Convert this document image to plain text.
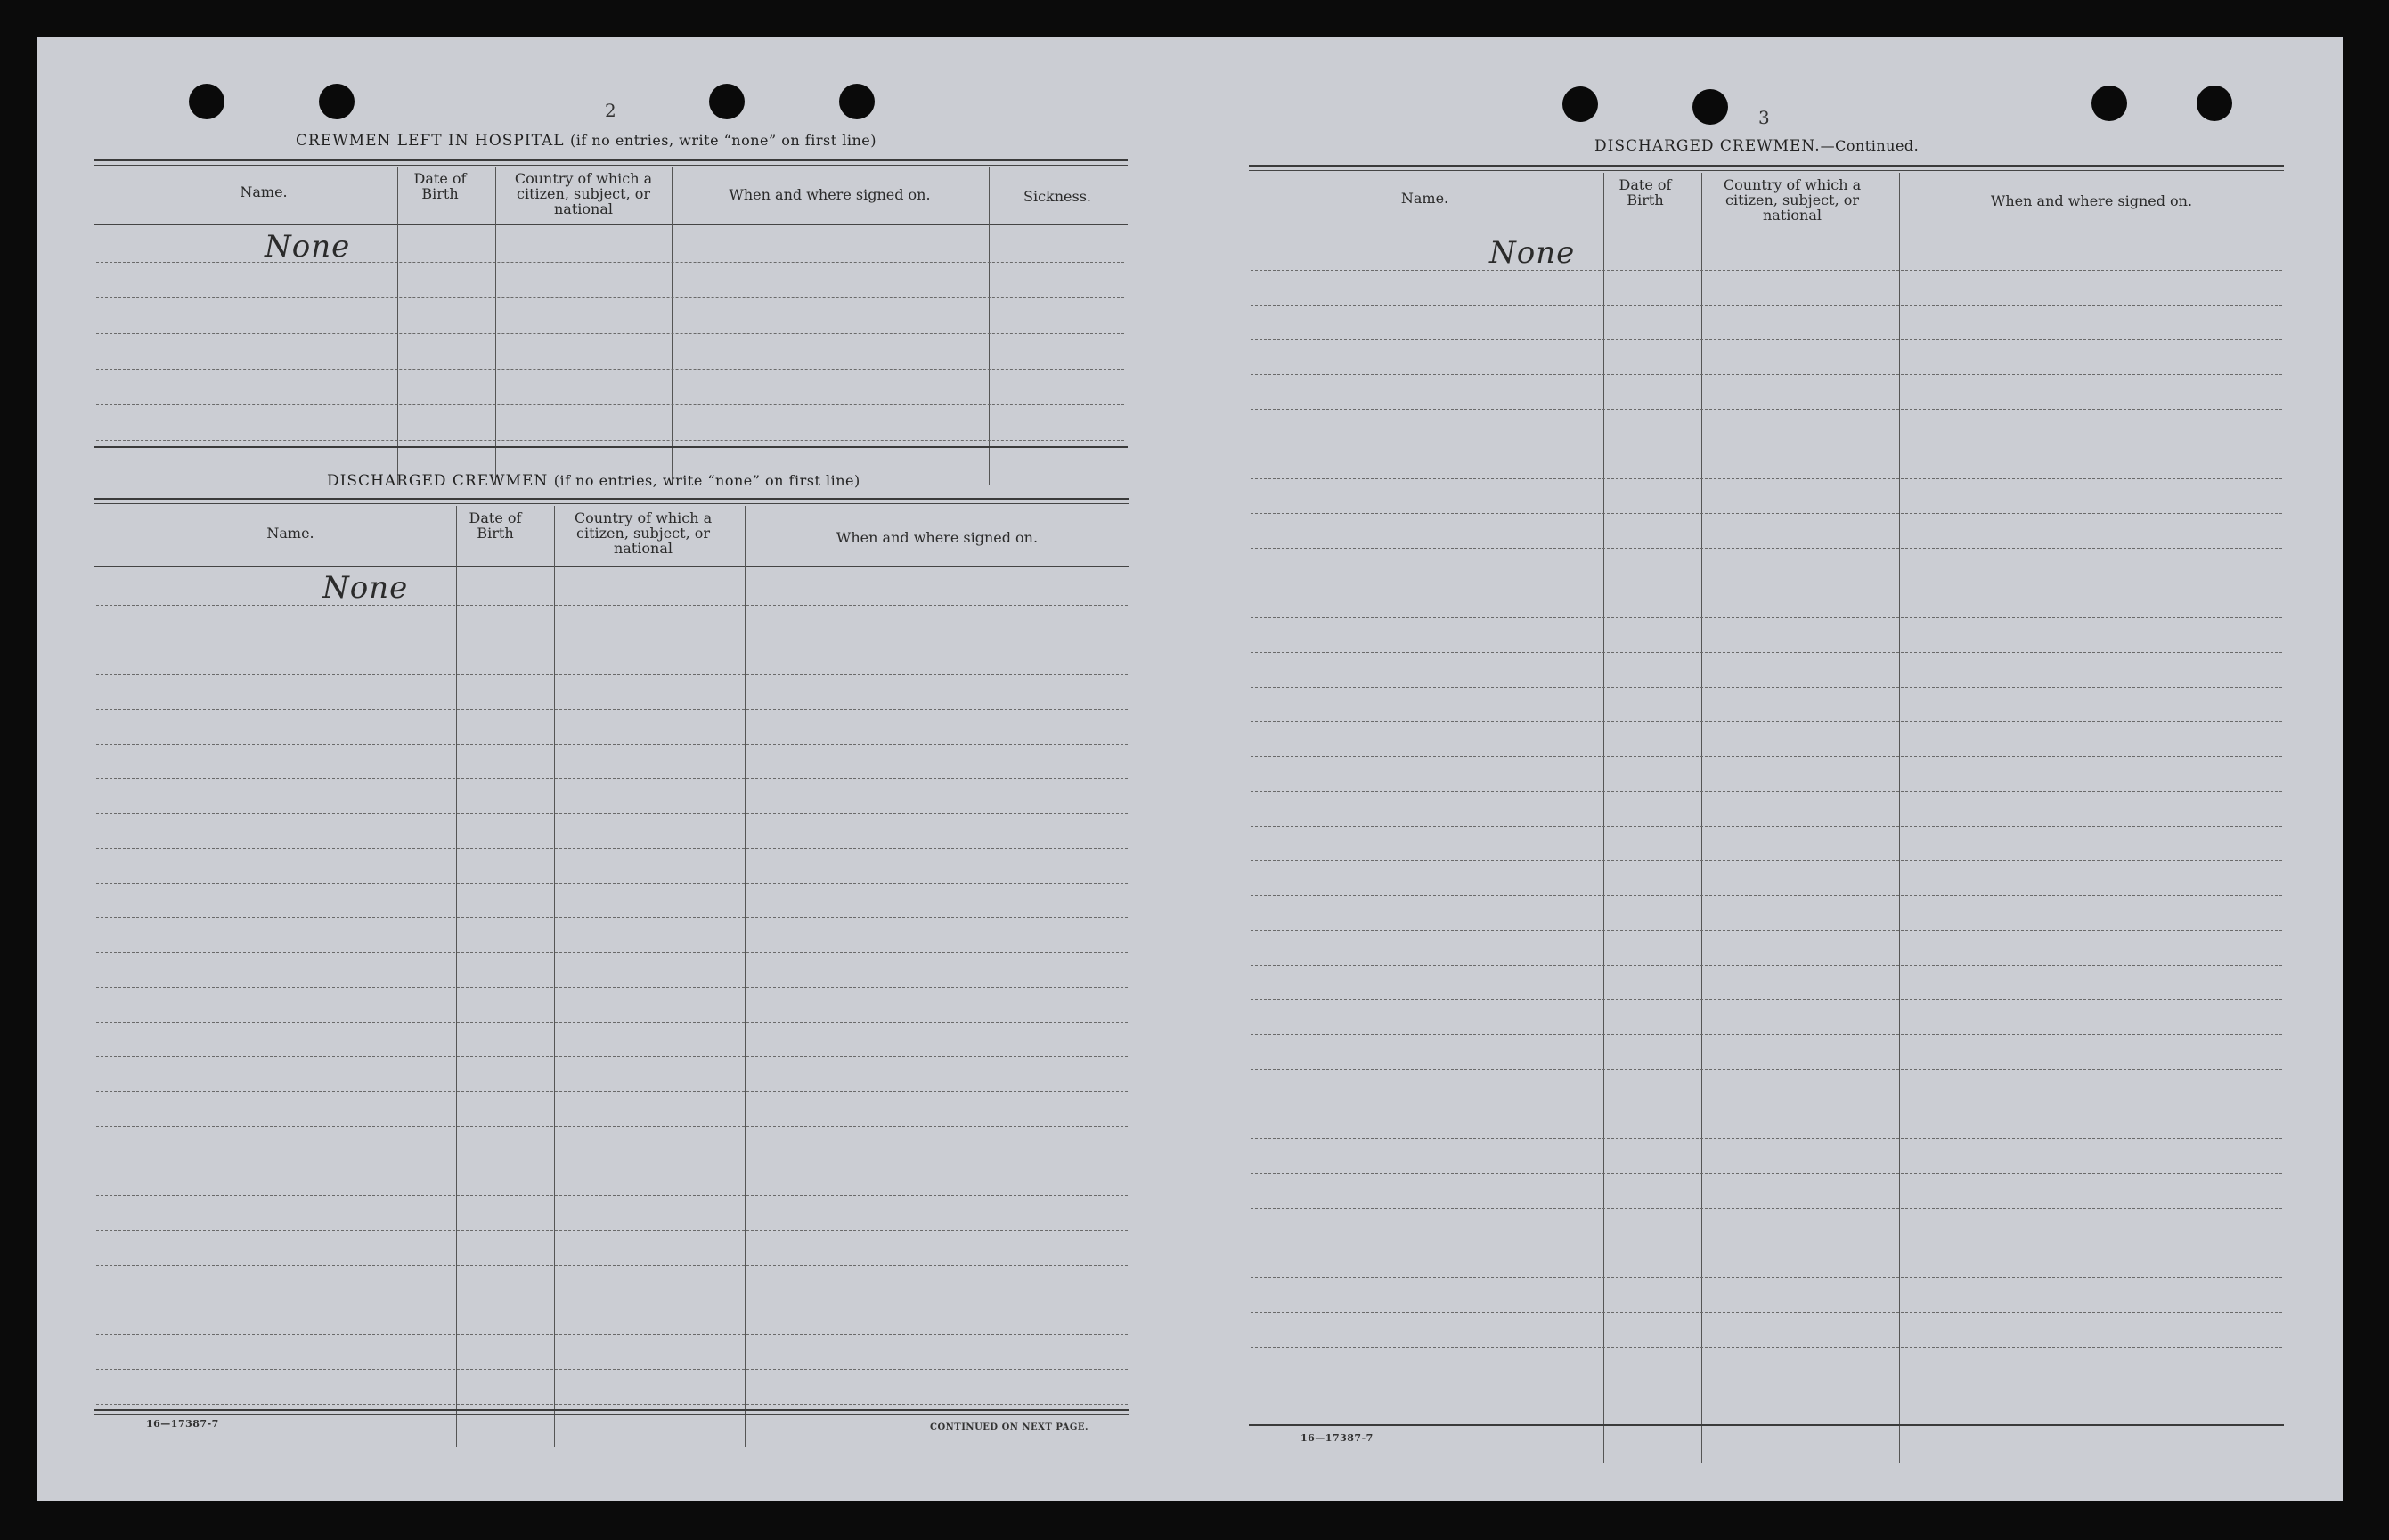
2
CREWMEN LEFT IN HOSPITAL (if no entries, write “none” on first line)
Name.
Date of Birth
Country of which a citizen, subject, or national
When and where signed on.	Sickness.
None
DISCHARGED CREWMEN (if no entries, write “none” on first line)
Name.
Date of Birth
Country of which a citizen, subject, or national
When and where signed on.
None
16—17387-7	CONTINUED ON NEXT PAGE.
3
DISCHARGED CREWMEN.—Continued.
Name.
Date of Birth
Country of which a citizen, subject, or national
When and where signed on.
None
16—17387-7
